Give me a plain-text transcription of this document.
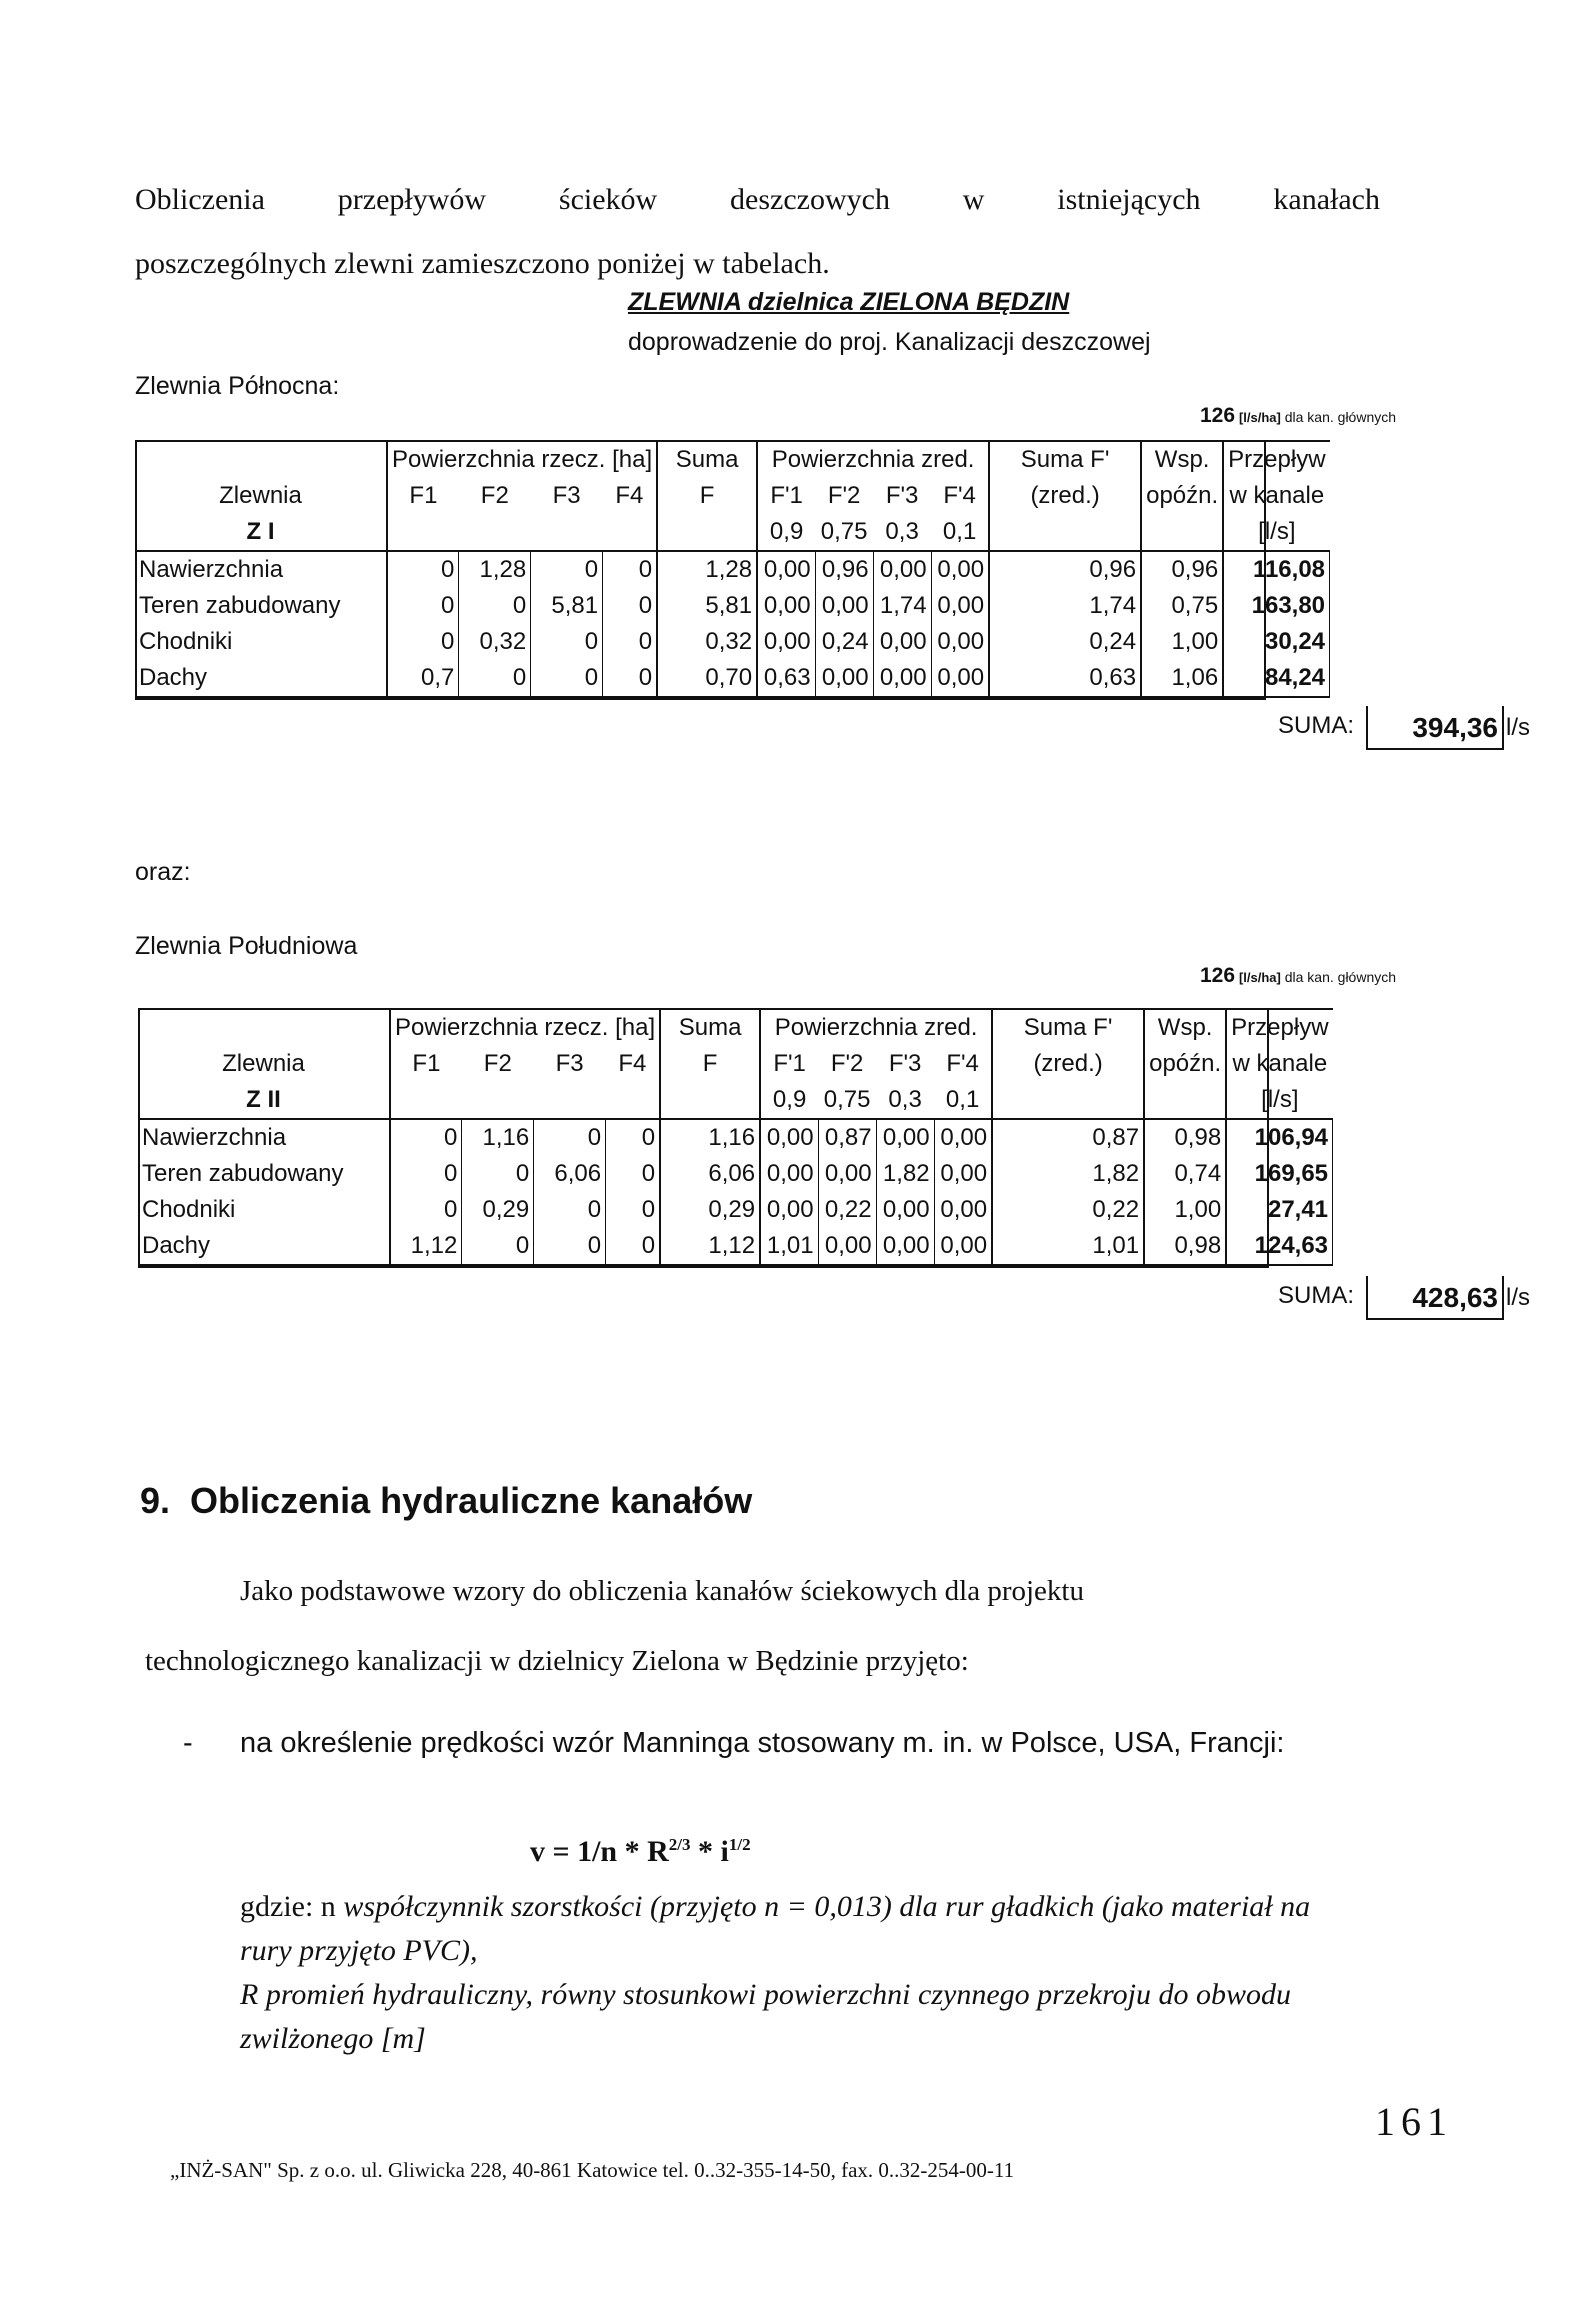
Obliczenia przepływów ścieków deszczowych w istniejących kanałach
poszczególnych zlewni zamieszczono poniżej w tabelach.
ZLEWNIA dzielnica ZIELONA BĘDZIN
doprowadzenie do proj. Kanalizacji deszczowej
Zlewnia Północna:
126 [l/s/ha] dla kan. głównych
	Powierzchnia rzecz. [ha]				Suma	Powierzchnia zred.				Suma F'	Wsp.	Przepływ
Zlewnia	F1	F2	F3	F4	F	F'1	F'2	F'3	F'4	(zred.)	opóźn.	w kanale
Z I						0,9	0,75	0,3	0,1			[l/s]
Nawierzchnia	0	1,28	0	0	1,28	0,00	0,96	0,00	0,00	0,96	0,96	116,08
Teren zabudowany	0	0	5,81	0	5,81	0,00	0,00	1,74	0,00	1,74	0,75	163,80
Chodniki	0	0,32	0	0	0,32	0,00	0,24	0,00	0,00	0,24	1,00	30,24
Dachy	0,7	0	0	0	0,70	0,63	0,00	0,00	0,00	0,63	1,06	84,24
SUMA:	394,36 l/s
oraz:
Zlewnia Południowa
126 [l/s/ha] dla kan. głównych
	Powierzchnia rzecz. [ha]				Suma	Powierzchnia zred.				Suma F'	Wsp.	Przepływ
Zlewnia	F1	F2	F3	F4	F	F'1	F'2	F'3	F'4	(zred.)	opóźn.	w kanale
Z II						0,9	0,75	0,3	0,1			[l/s]
Nawierzchnia	0	1,16	0	0	1,16	0,00	0,87	0,00	0,00	0,87	0,98	106,94
Teren zabudowany	0	0	6,06	0	6,06	0,00	0,00	1,82	0,00	1,82	0,74	169,65
Chodniki	0	0,29	0	0	0,29	0,00	0,22	0,00	0,00	0,22	1,00	27,41
Dachy	1,12	0	0	0	1,12	1,01	0,00	0,00	0,00	1,01	0,98	124,63
SUMA:	428,63 l/s
9. Obliczenia hydrauliczne kanałów
Jako podstawowe wzory do obliczenia kanałów ściekowych dla projektu
technologicznego kanalizacji w dzielnicy Zielona w Będzinie przyjęto:
- na określenie prędkości wzór Manninga stosowany m. in. w Polsce, USA, Francji:
$v = 1/n * R^{2/3} * i^{1/2}$
gdzie: n współczynnik szorstkości (przyjęto n = 0,013) dla rur gładkich (jako materiał na rury przyjęto PVC),
R promień hydrauliczny, równy stosunkowi powierzchni czynnego przekroju do obwodu zwilżonego [m]
161
„INŻ-SAN" Sp. z o.o. ul. Gliwicka 228, 40-861 Katowice tel. 0..32-355-14-50, fax. 0..32-254-00-11
